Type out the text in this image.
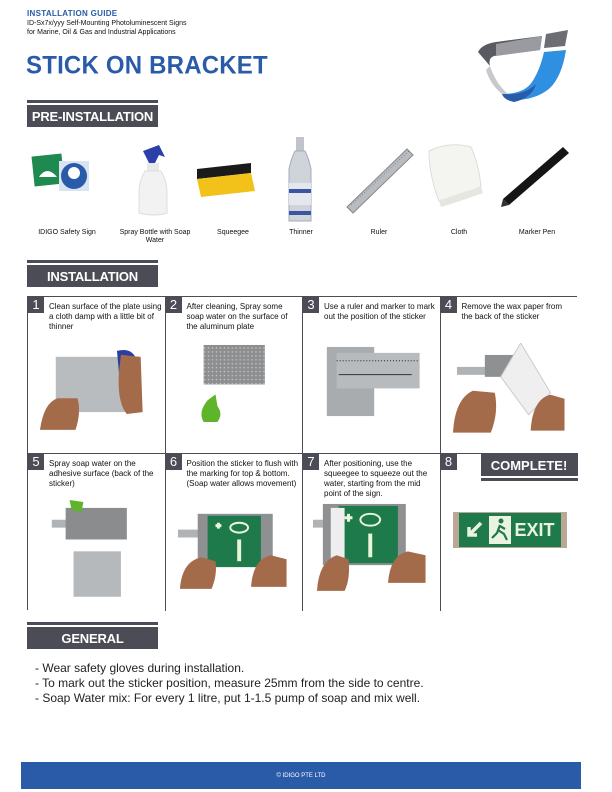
INSTALLATION GUIDE
ID-Sx7x/yyy Self-Mounting Photoluminescent Signs
for Marine, Oil & Gas and Industrial Applications
STICK ON BRACKET
PRE-INSTALLATION
IDIGO Safety Sign	Spray Bottle with Soap Water
Squeegee	Thinner	Ruler	Cloth	Marker Pen
INSTALLATION
1	Clean surface of the plate using a cloth damp with a little bit of thinner
2	After cleaning, Spray some soap water on the surface of the aluminum plate
3	Use a ruler and marker to mark out the position of the sticker
4	Remove the wax paper from the back of the sticker
5	Spray soap water on the adhesive surface (back of the sticker)
6	Position the sticker to flush with the marking for top & bottom. (Soap water allows movement)
7	After positioning, use the squeegee to squeeze out the water, starting from the mid point of the sign.
8	COMPLETE!
EXIT
GENERAL
- Wear safety gloves during installation.
- To mark out the sticker position, measure 25mm from the side to centre.
- Soap Water mix: For every 1 litre, put 1-1.5 pump of soap and mix well.
© IDIGO PTE LTD
